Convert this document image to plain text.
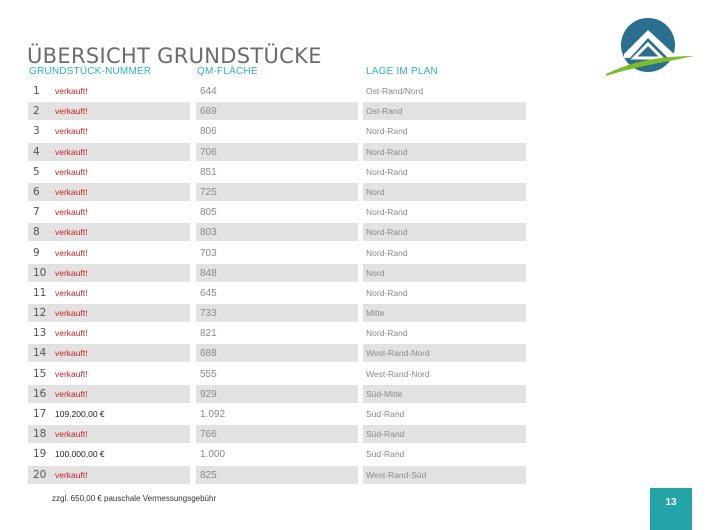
ÜBERSICHT GRUNDSTÜCKE
GRUNDSTÜCK-NUMMER	QM-FLÄCHE	LAGE IM PLAN
1 verkauft!	644	Ost-Rand/Nord
2 verkauft!	689	Ost-Rand
3 verkauft!	806	Nord-Rand
4 verkauft!	706	Nord-Rand
5 verkauft!	851	Nord-Rand
6 verkauft!	725	Nord
7 verkauft!	805	Nord-Rand
8 verkauft!	803	Nord-Rand
9 verkauft!	703	Nord-Rand
10 verkauft!	848	Nord
11 verkauft!	645	Nord-Rand
12 verkauft!	733	Mitte
13 verkauft!	821	Nord-Rand
14 verkauft!	688	West-Rand-Nord
15 verkauft!	555	West-Rand-Nord
16 verkauft!	929	Süd-Mitte
17 109.200,00 €	1.092	Süd-Rand
18 verkauft!	766	Süd-Rand
19 100.000,00 €	1.000	Süd-Rand
20 verkauft!	825	West-Rand-Süd
zzgl. 650,00 € pauschale Vermessungsgebühr	13
